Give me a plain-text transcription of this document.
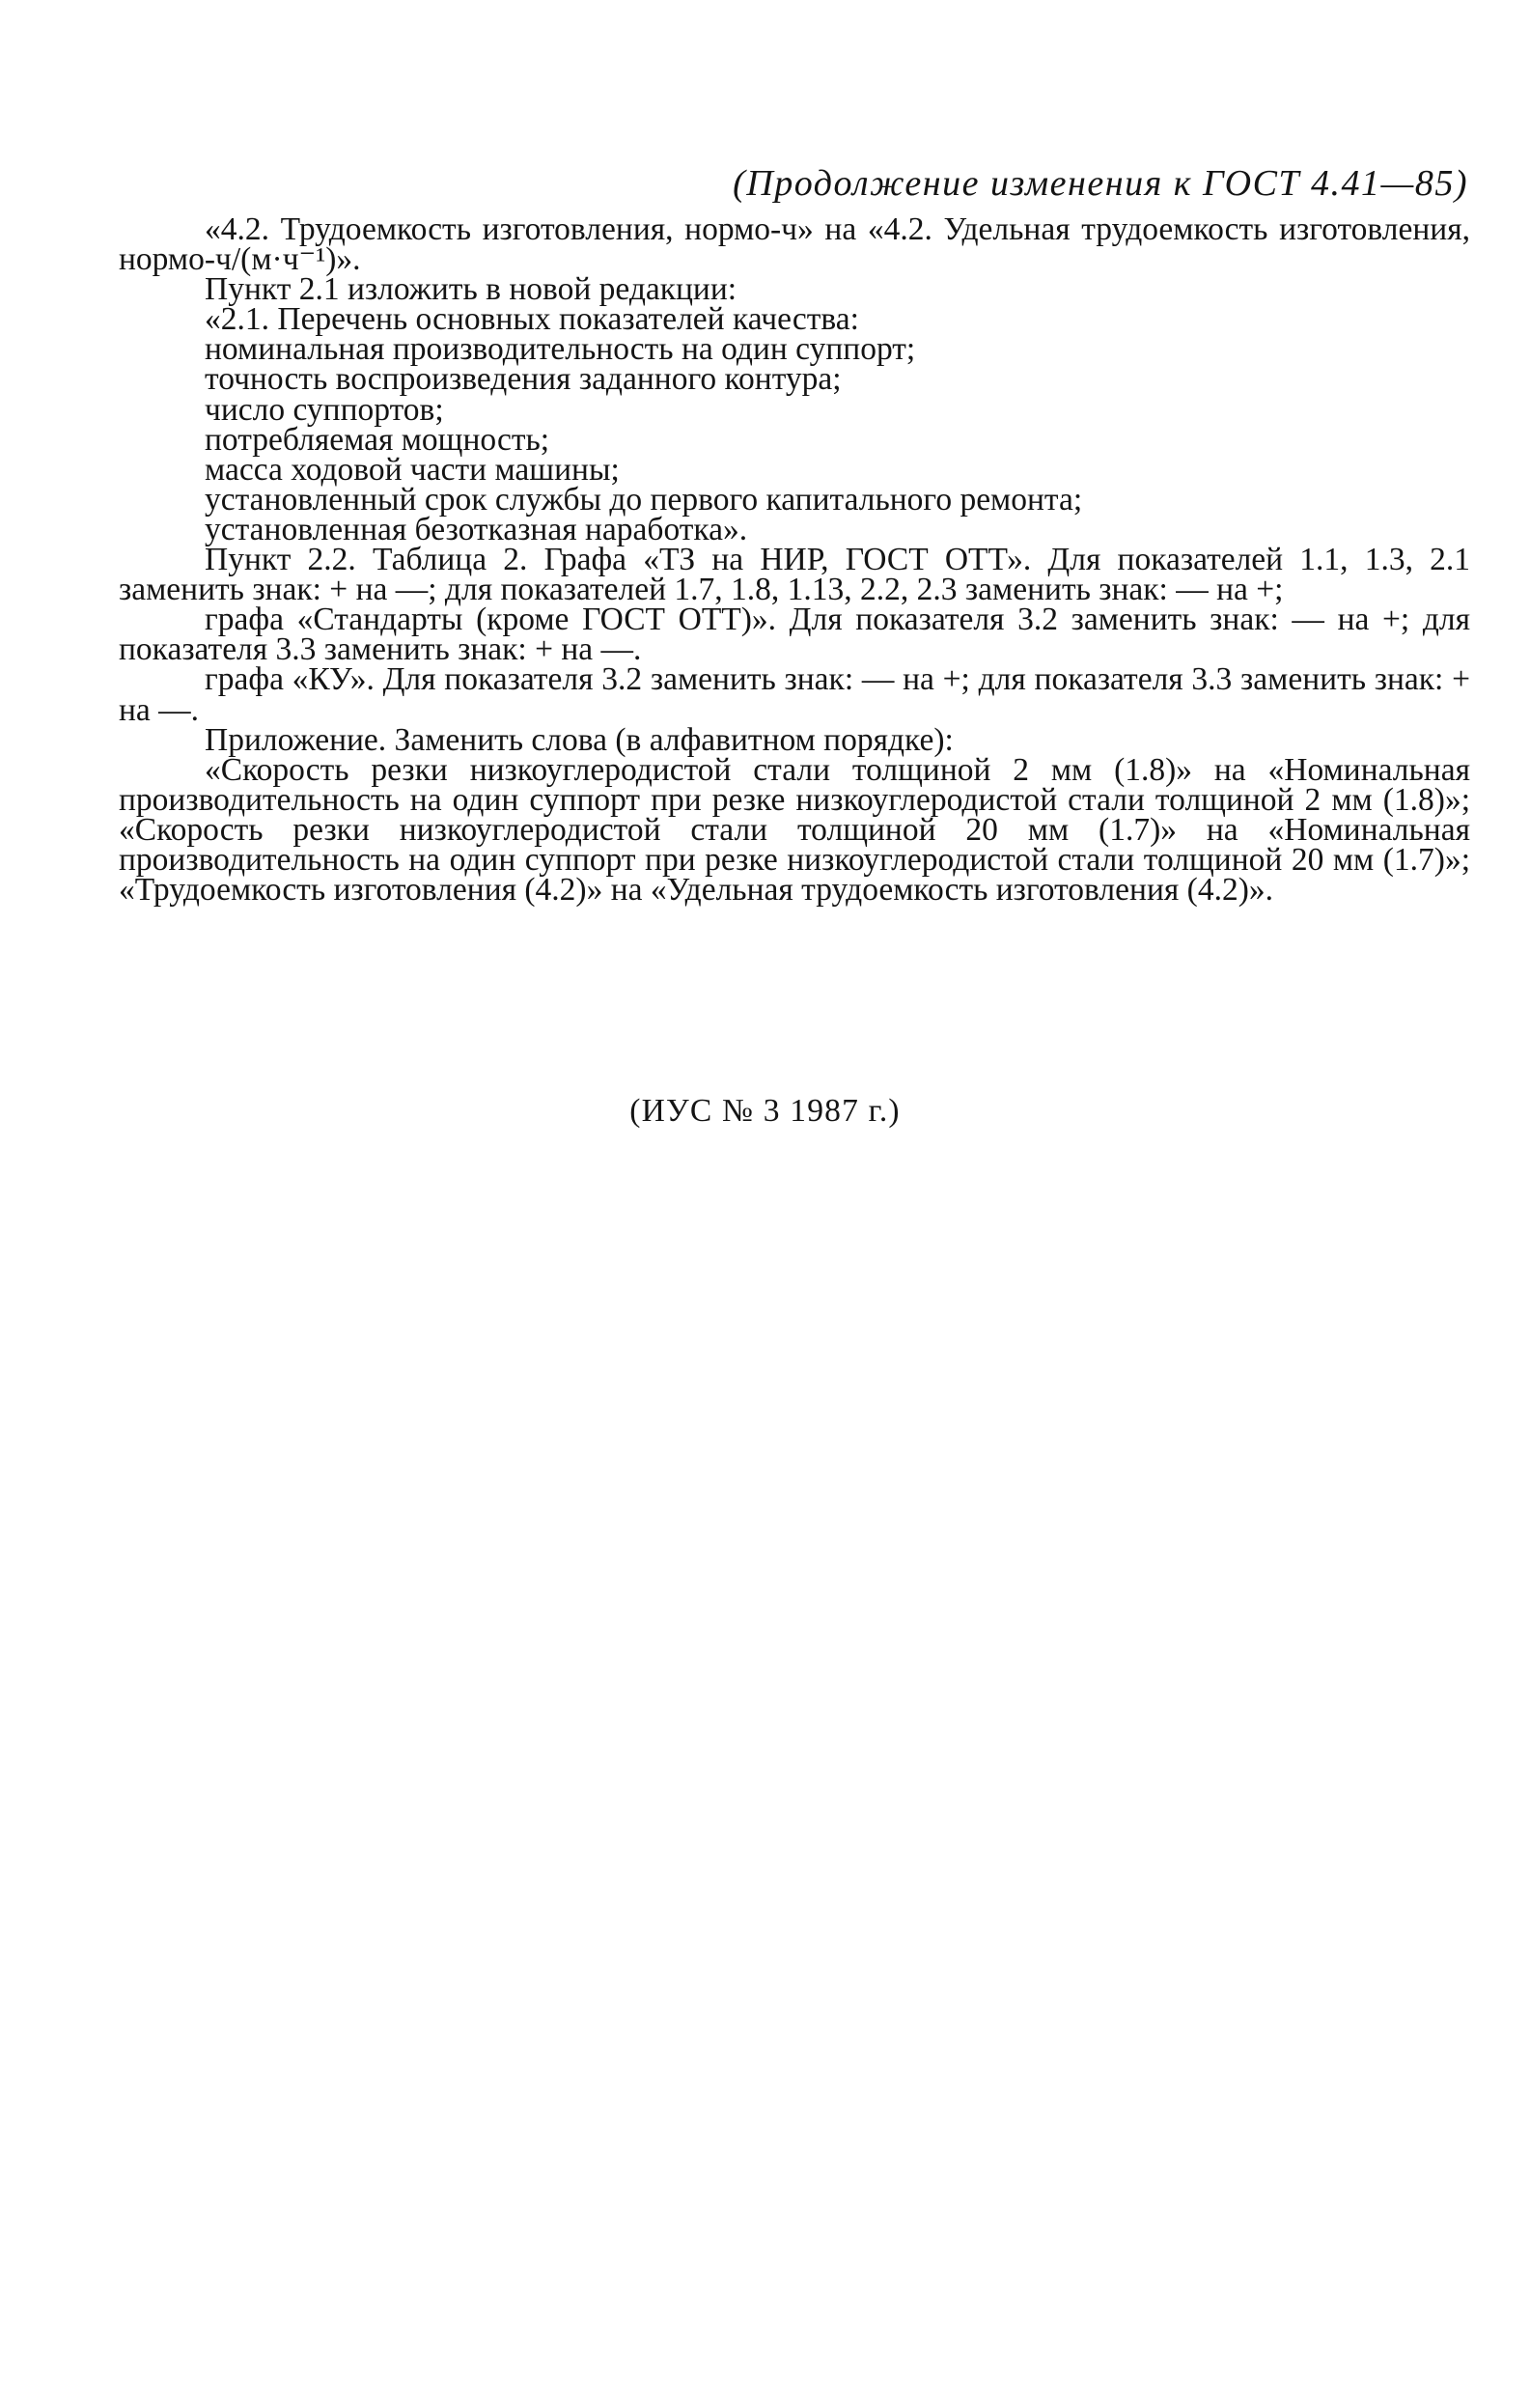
(Продолжение изменения к ГОСТ 4.41—85)

«4.2. Трудоемкость изготовления, нормо-ч» на «4.2. Удельная трудоемкость изготовления, нормо-ч/(м·ч⁻¹)».

Пункт 2.1 изложить в новой редакции:

«2.1. Перечень основных показателей качества:

номинальная производительность на один суппорт;

точность воспроизведения заданного контура;

число суппортов;

потребляемая мощность;

масса ходовой части машины;

установленный срок службы до первого капитального ремонта;

установленная безотказная наработка».

Пункт 2.2. Таблица 2. Графа «ТЗ на НИР, ГОСТ ОТТ». Для показателей 1.1, 1.3, 2.1 заменить знак: + на —; для показателей 1.7, 1.8, 1.13, 2.2, 2.3 заменить знак: — на +;

графа «Стандарты (кроме ГОСТ ОТТ)». Для показателя 3.2 заменить знак: — на +; для показателя 3.3 заменить знак: + на —.

графа «КУ». Для показателя 3.2 заменить знак: — на +; для показателя 3.3 заменить знак: + на —.

Приложение. Заменить слова (в алфавитном порядке):

«Скорость резки низкоуглеродистой стали толщиной 2 мм (1.8)» на «Номинальная производительность на один суппорт при резке низкоуглеродистой стали толщиной 2 мм (1.8)»; «Скорость резки низкоуглеродистой стали толщиной 20 мм (1.7)» на «Номинальная производительность на один суппорт при резке низкоуглеродистой стали толщиной 20 мм (1.7)»; «Трудоемкость изготовления (4.2)» на «Удельная трудоемкость изготовления (4.2)».

(ИУС № 3 1987 г.)
